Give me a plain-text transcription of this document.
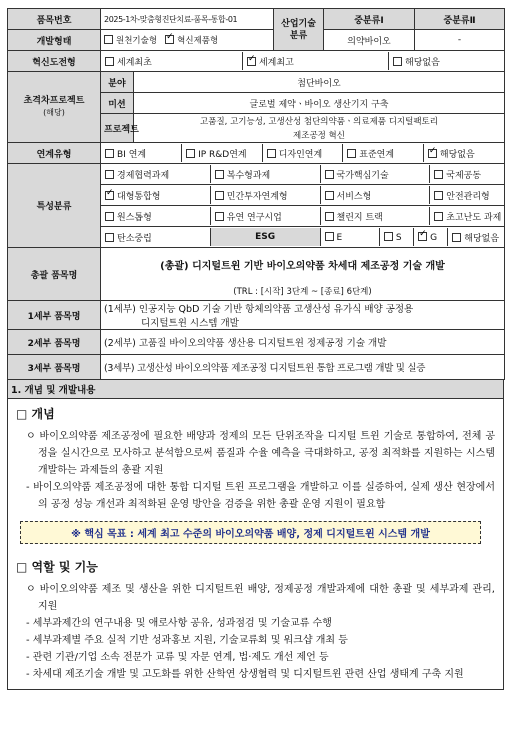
품목번호	2025-1차-맞춤형진단치료-품목-통합-01	산업기술 분류	중분류Ⅰ	중분류Ⅱ
개발형태	원천기술형   ✓ 혁신제품형	의약바이오	-
혁신도전형		세계최초	✓세계최고	해당없음

초격차프로젝트
(해당)
	분야	첨단바이오
미션	글로벌 제약ㆍ바이오 생산기지 구축
프로젝트	고품질, 고기능성, 고생산성 첨단의약품ㆍ의료제품 디지털팩토리
제조공정 혁신
연계유형		BI 연계	IP R&D연계	디자인연계	표준연계	✓해당없음

특성분류	
경제협력과제	복수형과제	국가핵심기술	국제공동

✓대형통합형	민간투자연계형	서비스형	안전관리형

원스톱형	유연 연구시업	챌린지 트랙	초고난도 과제

탄소중립	ESG	E	S	✓G	해당없음

총괄 품목명	(총괄) 디지털트윈 기반 바이오의약품 차세대 제조공정 기술 개발
(TRL : [시작] 3단계 ~ [종료] 6단계)
1세부 품목명	(1세부) 인공지능 QbD 기술 기반 항체의약품 고생산성 유가식 배양 공정용
디지털트윈 시스템 개발
2세부 품목명	(2세부) 고품질 바이오의약품 생산용 디지털트윈 정제공정 기술 개발
3세부 품목명	(3세부) 고생산성 바이오의약품 제조공정 디지털트윈 통합 프로그램 개발 및 실증
1. 개념 및 개발내용
□ 개념
ㅇ 바이오의약품 제조공정에 필요한 배양과 정제의 모든 단위조작을 디지털 트윈 기술로 통합하여, 전체 공정을 실시간으로 모사하고 분석함으로써 품질과 수율 예측을 극대화하고, 공정 최적화를 지원하는 시스템 개발하는 과제들의 총괄 지원
- 바이오의약품 제조공정에 대한 통합 디지털 트윈 프로그램을 개발하고 이를 실증하여, 실제 생산 현장에서의 공정 성능 개선과 최적화된 운영 방안을 검증을 위한 총괄 운영 지원이 필요함
※ 핵심 목표 : 세계 최고 수준의 바이오의약품 배양, 정제 디지털트윈 시스템 개발
□ 역할 및 기능
ㅇ 바이오의약품 제조 및 생산을 위한 디지털트윈 배양, 정제공정 개발과제에 대한 총괄 및 세부과제 관리, 지원
- 세부과제간의 연구내용 및 애로사항 공유, 성과점검 및 기술교류 수행
- 세부과제별 주요 실적 기반 성과홍보 지원, 기술교류회 및 워크샵 개최 등
- 관련 기관/기업 소속 전문가 교류 및 자문 연계, 법·제도 개선 제언 등
- 차세대 제조기술 개발 및 고도화를 위한 산학연 상생협력 및 디지털트윈 관련 산업 생태계 구축 지원
